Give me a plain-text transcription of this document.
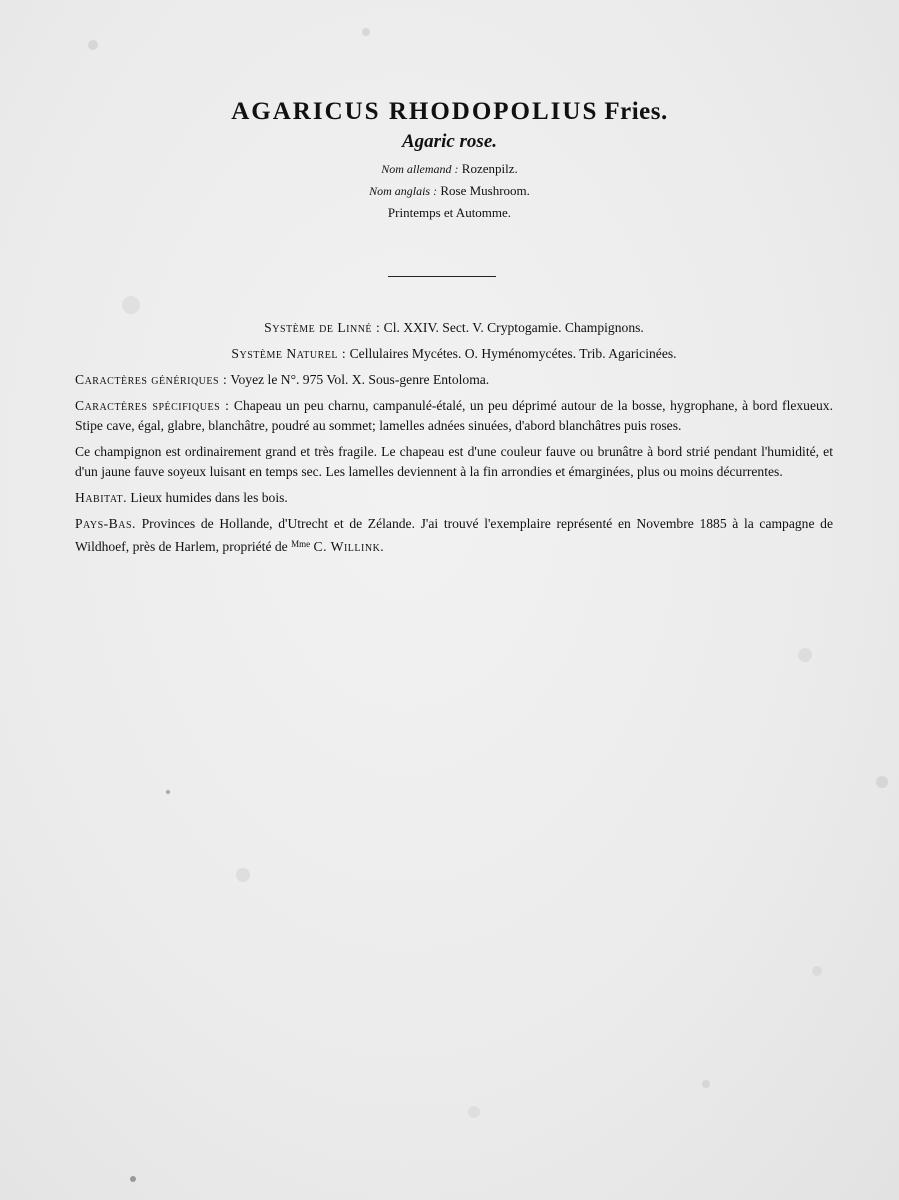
AGARICUS RHODOPOLIUS Fries.

Agaric rose.

Nom allemand : Rozenpilz.

Nom anglais : Rose Mushroom.

Printemps et Automme.

Système de Linné : Cl. XXIV. Sect. V. Cryptogamie. Champignons.

Système Naturel : Cellulaires Mycétes. O. Hyménomycétes. Trib. Agaricinées.

Caractères génériques : Voyez le N°. 975 Vol. X. Sous-genre Entoloma.

Caractères spécifiques : Chapeau un peu charnu, campanulé-étalé, un peu déprimé autour de la bosse, hygrophane, à bord flexueux. Stipe cave, égal, glabre, blanchâtre, poudré au sommet; lamelles adnées sinuées, d'abord blanchâtres puis roses.

Ce champignon est ordinairement grand et très fragile. Le chapeau est d'une couleur fauve ou brunâtre à bord strié pendant l'humidité, et d'un jaune fauve soyeux luisant en temps sec. Les lamelles deviennent à la fin arrondies et émarginées, plus ou moins décurrentes.

Habitat. Lieux humides dans les bois.

Pays-Bas. Provinces de Hollande, d'Utrecht et de Zélande. J'ai trouvé l'exemplaire représenté en Novembre 1885 à la campagne de Wildhoef, près de Harlem, propriété de $^{Mme}$ C. Willink.
